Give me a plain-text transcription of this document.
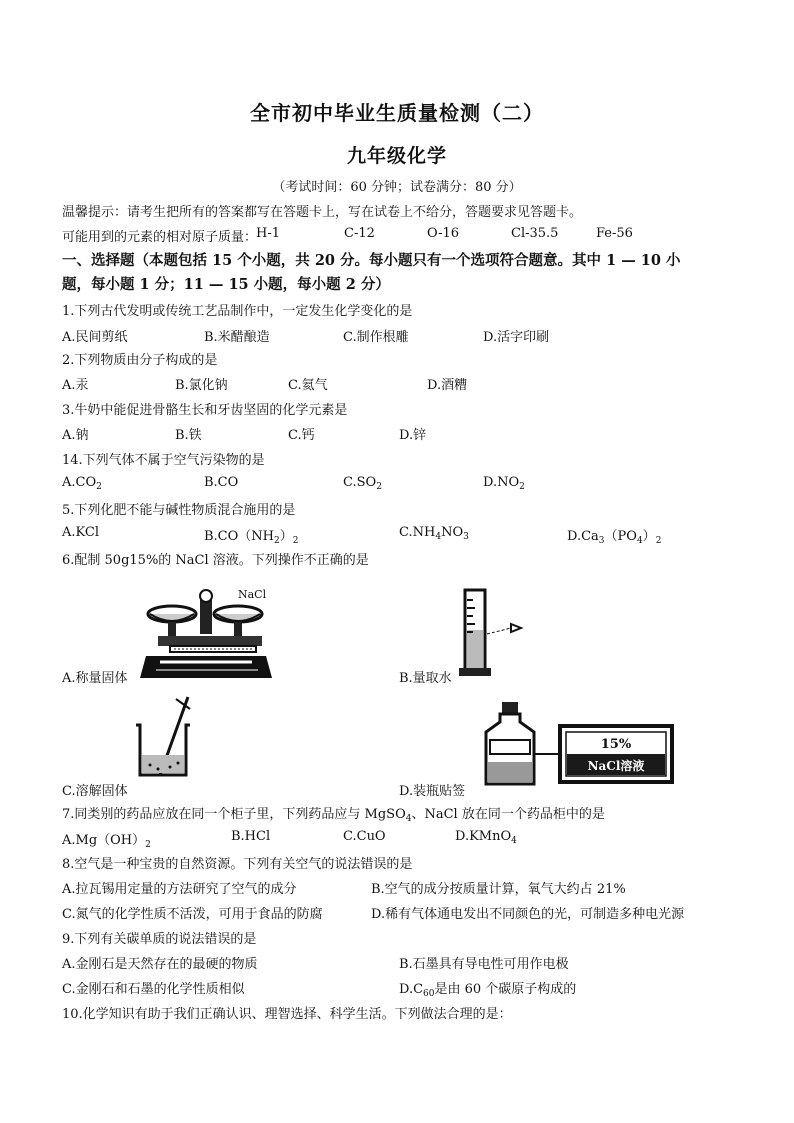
全市初中毕业生质量检测（二）
九年级化学
（考试时间：60 分钟；试卷满分：80 分）
温馨提示：请考生把所有的答案都写在答题卡上，写在试卷上不给分，答题要求见答题卡。
可能用到的元素的相对原子质量：
H-1	C-12	O-16	Cl-35.5	Fe-56
一、选择题（本题包括 15 个小题，共 20 分。每小题只有一个选项符合题意。其中 1 — 10 小
题，每小题 1 分；11 — 15 小题，每小题 2 分）
1.下列古代发明或传统工艺品制作中，一定发生化学变化的是
A.民间剪纸	B.米醋酿造	C.制作根雕	D.活字印刷
2.下列物质由分子构成的是
A.汞	B.氯化钠	C.氦气	D.酒糟
3.牛奶中能促进骨骼生长和牙齿坚固的化学元素是
A.钠	B.铁	C.钙	D.锌
14.下列气体不属于空气污染物的是
$A.CO_2$	B.CO	$C.SO_2$	$D.NO_2$
5.下列化肥不能与碱性物质混合施用的是
A.KCl	$B.CO(NH_2)_2$
$C.NH_4NO_3$	$D.Ca_3(PO_4)_2$
6.配制 50g15%的 NaCl 溶液。下列操作不正确的是
NaCl
A.称量固体	B.量取水
15%
NaCl溶液
C.溶解固体	D.装瓶贴签
7.同类别的药品应放在同一个柜子里，下列药品应与 MgSO$_4$、NaCl 放在同一个药品柜中的是
$A.Mg(OH)_2$
B.HCl	C.CuO	D.KMnO$_4$
8.空气是一种宝贵的自然资源。下列有关空气的说法错误的是
A.拉瓦锡用定量的方法研究了空气的成分	B.空气的成分按质量计算，氧气大约占 21%
C.氮气的化学性质不活泼，可用于食品的防腐	D.稀有气体通电发出不同颜色的光，可制造多种电光源
9.下列有关碳单质的说法错误的是
A.金刚石是天然存在的最硬的物质	B.石墨具有导电性可用作电极
C.金刚石和石墨的化学性质相似	$D.C_{60}$是由 60 个碳原子构成的
10.化学知识有助于我们正确认识、理智选择、科学生活。下列做法合理的是：
